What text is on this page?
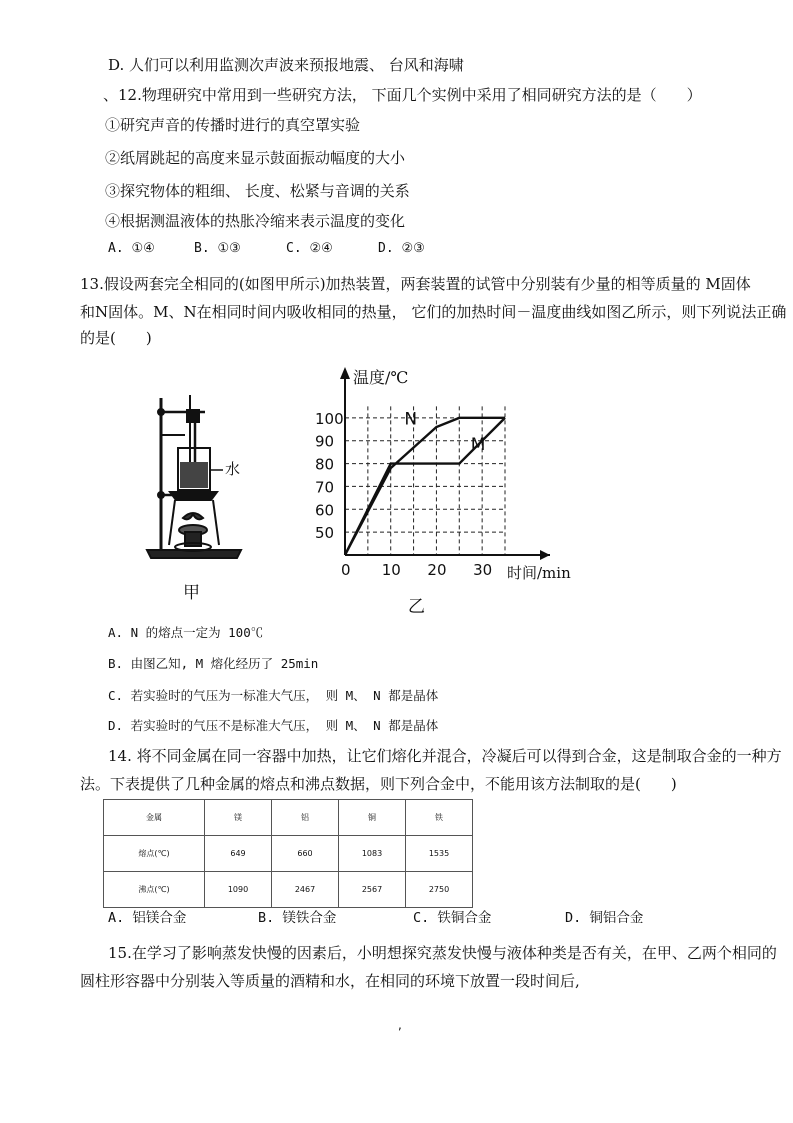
D. 人们可以利用监测次声波来预报地震、 台风和海啸
、12.物理研究中常用到一些研究方法， 下面几个实例中采用了相同研究方法的是（　　）
①研究声音的传播时进行的真空罩实验
②纸屑跳起的高度来显示鼓面振动幅度的大小
③探究物体的粗细、 长度、松紧与音调的关系
④根据测温液体的热胀冷缩来表示温度的变化
A. ①④	B. ①③	C. ②④	D. ②③
13.假设两套完全相同的(如图甲所示)加热装置，两套装置的试管中分别装有少量的相等质量的 M固体
和N固体。M、N在相同时间内吸收相同的热量， 它们的加热时间－温度曲线如图乙所示，则下列说法正确
的是(　　)
水
甲
N
M
50
60
70
80
90
100
0 10 20 30
温度/℃
时间/min
乙
A. N 的熔点一定为 100℃
B. 由图乙知, M 熔化经历了 25min
C. 若实验时的气压为一标准大气压， 则 M、 N 都是晶体
D. 若实验时的气压不是标准大气压， 则 M、 N 都是晶体
14. 将不同金属在同一容器中加热，让它们熔化并混合，冷凝后可以得到合金，这是制取合金的一种方
法。下表提供了几种金属的熔点和沸点数据，则下列合金中，不能用该方法制取的是(　　)
金属	镁	铝	铜	铁
熔点(℃)	649	660	1083	1535
沸点(℃)	1090	2467	2567	2750
A. 铝镁合金	B. 镁铁合金	C. 铁铜合金	D. 铜铝合金
15.在学习了影响蒸发快慢的因素后，小明想探究蒸发快慢与液体种类是否有关，在甲、乙两个相同的
圆柱形容器中分别装入等质量的酒精和水，在相同的环境下放置一段时间后,
,
